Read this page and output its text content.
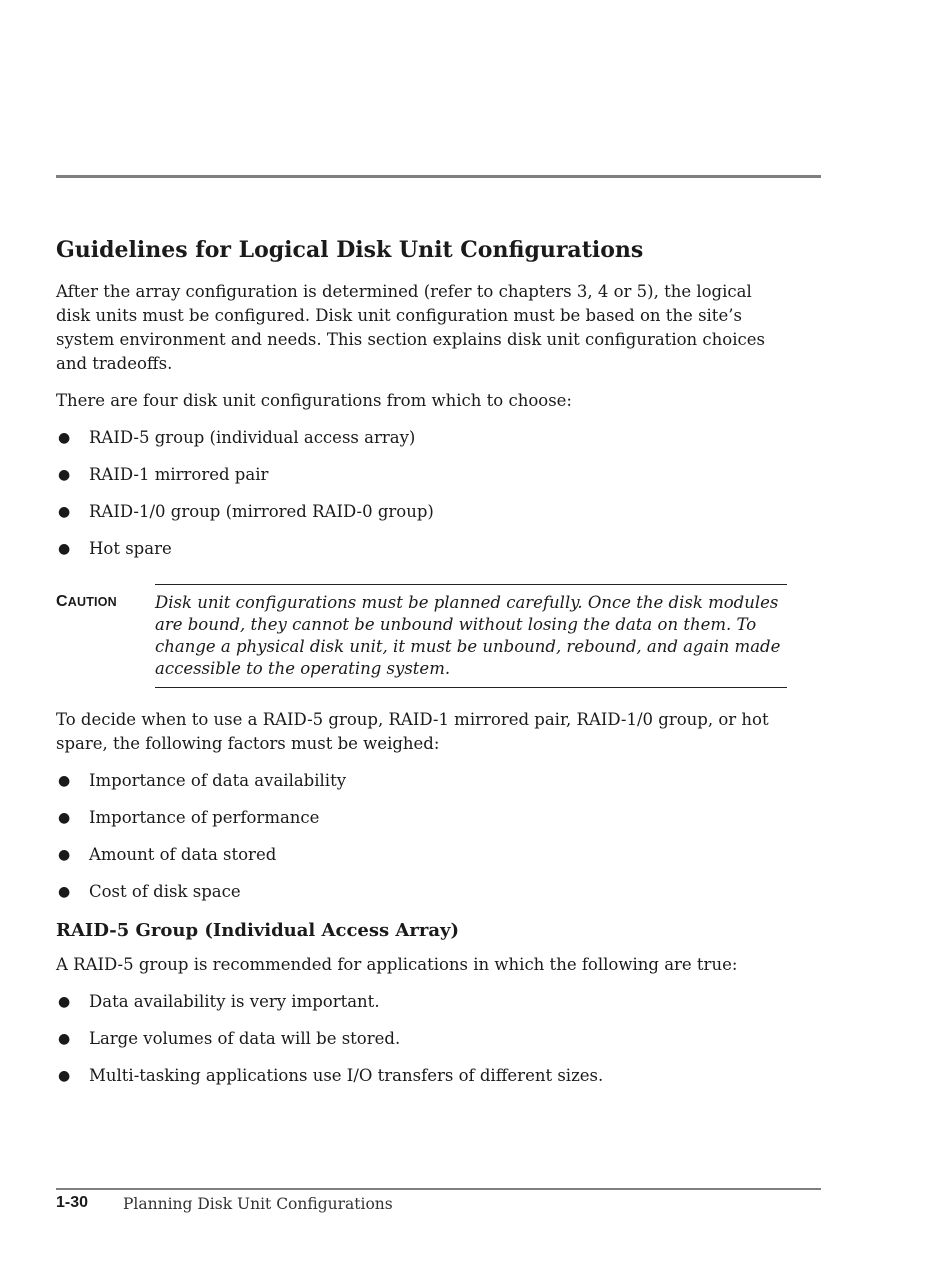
Guidelines for Logical Disk Unit Configurations

After the array configuration is determined (refer to chapters 3, 4 or 5), the logical disk units must be configured. Disk unit configuration must be based on the site’s system environment and needs. This section explains disk unit configuration choices and tradeoffs.

There are four disk unit configurations from which to choose:

● RAID-5 group (individual access array)
● RAID-1 mirrored pair
● RAID-1/0 group (mirrored RAID-0 group)
● Hot spare
CAUTION Disk unit configurations must be planned carefully. Once the disk modules are bound, they cannot be unbound without losing the data on them. To change a physical disk unit, it must be unbound, rebound, and again made accessible to the operating system.

To decide when to use a RAID-5 group, RAID-1 mirrored pair, RAID-1/0 group, or hot spare, the following factors must be weighed:

● Importance of data availability
● Importance of performance
● Amount of data stored
● Cost of disk space
RAID-5 Group (Individual Access Array)

A RAID-5 group is recommended for applications in which the following are true:

● Data availability is very important.
● Large volumes of data will be stored.
● Multi-tasking applications use I/O transfers of different sizes.
1-30 Planning Disk Unit Configurations
